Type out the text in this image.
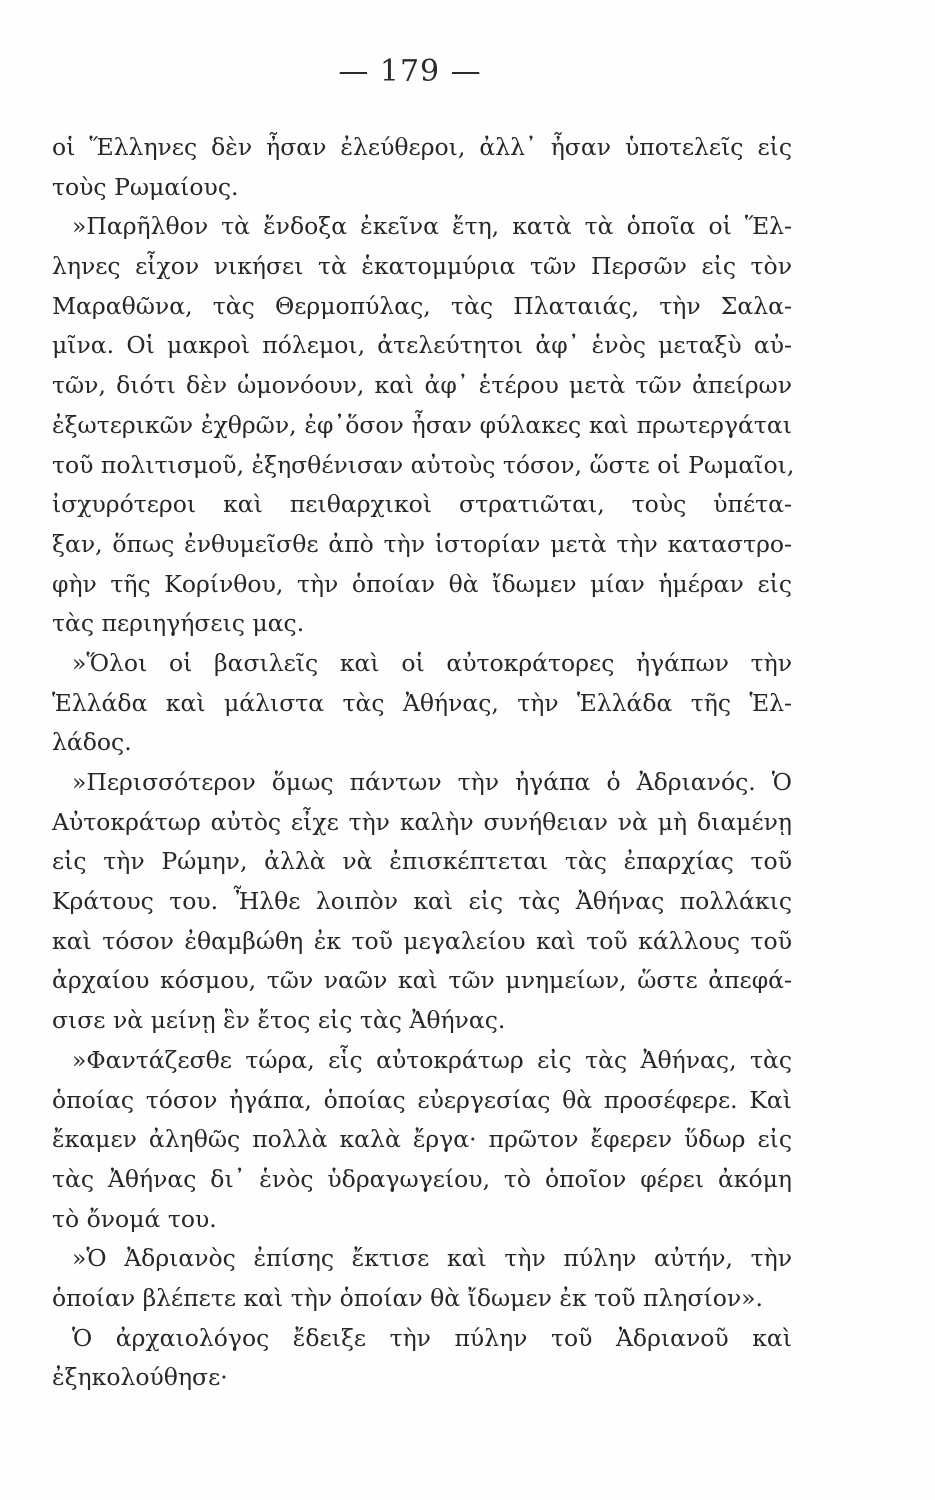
— 179 —
οἱ Ἕλληνες δὲν ἦσαν ἐλεύθεροι, ἀλλ᾽ ἦσαν ὑποτελεῖς εἰς
τοὺς Ρωμαίους.
»Παρῆλθον τὰ ἔνδοξα ἐκεῖνα ἔτη, κατὰ τὰ ὁποῖα οἱ Ἕλ-
ληνες εἶχον νικήσει τὰ ἑκατομμύρια τῶν Περσῶν εἰς τὸν
Μαραθῶνα, τὰς Θερμοπύλας, τὰς Πλαταιάς, τὴν Σαλα-
μῖνα. Οἱ μακροὶ πόλεμοι, ἀτελεύτητοι ἀφ᾽ ἑνὸς μεταξὺ αὐ-
τῶν, διότι δὲν ὡμονόουν, καὶ ἀφ᾽ ἑτέρου μετὰ τῶν ἀπείρων
ἐξωτερικῶν ἐχθρῶν, ἐφ᾽ὅσον ἦσαν φύλακες καὶ πρωτεργάται
τοῦ πολιτισμοῦ, ἐξησθένισαν αὐτοὺς τόσον, ὥστε οἱ Ρωμαῖοι,
ἰσχυρότεροι καὶ πειθαρχικοὶ στρατιῶται, τοὺς ὑπέτα-
ξαν, ὅπως ἐνθυμεῖσθε ἀπὸ τὴν ἱστορίαν μετὰ τὴν καταστρο-
φὴν τῆς Κορίνθου, τὴν ὁποίαν θὰ ἴδωμεν μίαν ἡμέραν εἰς
τὰς περιηγήσεις μας.
»Ὅλοι οἱ βασιλεῖς καὶ οἱ αὐτοκράτορες ἠγάπων τὴν
Ἑλλάδα καὶ μάλιστα τὰς Ἀθήνας, τὴν Ἑλλάδα τῆς Ἑλ-
λάδος.
»Περισσότερον ὅμως πάντων τὴν ἠγάπα ὁ Ἀδριανός. Ὁ
Αὐτοκράτωρ αὐτὸς εἶχε τὴν καλὴν συνήθειαν νὰ μὴ διαμένῃ
εἰς τὴν Ρώμην, ἀλλὰ νὰ ἐπισκέπτεται τὰς ἐπαρχίας τοῦ
Κράτους του. Ἦλθε λοιπὸν καὶ εἰς τὰς Ἀθήνας πολλάκις
καὶ τόσον ἐθαμβώθη ἐκ τοῦ μεγαλείου καὶ τοῦ κάλλους τοῦ
ἀρχαίου κόσμου, τῶν ναῶν καὶ τῶν μνημείων, ὥστε ἀπεφά-
σισε νὰ μείνῃ ἓν ἔτος εἰς τὰς Ἀθήνας.
»Φαντάζεσθε τώρα, εἷς αὐτοκράτωρ εἰς τὰς Ἀθήνας, τὰς
ὁποίας τόσον ἠγάπα, ὁποίας εὐεργεσίας θὰ προσέφερε. Καὶ
ἔκαμεν ἀληθῶς πολλὰ καλὰ ἔργα· πρῶτον ἔφερεν ὕδωρ εἰς
τὰς Ἀθήνας δι᾽ ἑνὸς ὑδραγωγείου, τὸ ὁποῖον φέρει ἀκόμη
τὸ ὄνομά του.
»Ὁ Ἀδριανὸς ἐπίσης ἔκτισε καὶ τὴν πύλην αὐτήν, τὴν
ὁποίαν βλέπετε καὶ τὴν ὁποίαν θὰ ἴδωμεν ἐκ τοῦ πλησίον».
Ὁ ἀρχαιολόγος ἔδειξε τὴν πύλην τοῦ Ἀδριανοῦ καὶ
ἐξηκολούθησε·
